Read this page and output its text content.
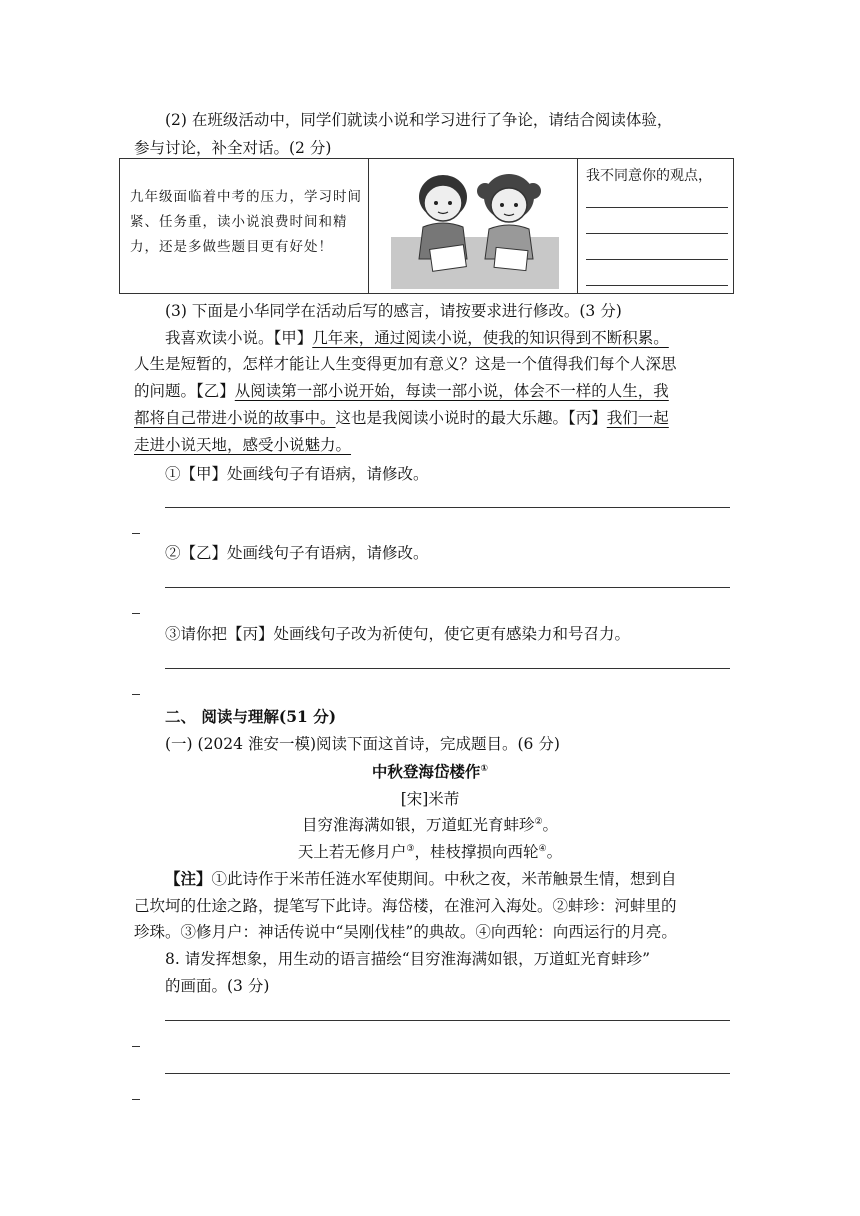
(2) 在班级活动中，同学们就读小说和学习进行了争论，请结合阅读体验，
参与讨论，补全对话。(2 分)
九年级面临着中考的压力，学习时间紧、任务重，读小说浪费时间和精力，还是多做些题目更有好处！
我不同意你的观点，
(3) 下面是小华同学在活动后写的感言，请按要求进行修改。(3 分)
我喜欢读小说。【甲】几年来，通过阅读小说，使我的知识得到不断积累。
人生是短暂的，怎样才能让人生变得更加有意义？这是一个值得我们每个人深思
的问题。【乙】从阅读第一部小说开始，每读一部小说，体会不一样的人生，我
都将自己带进小说的故事中。这也是我阅读小说时的最大乐趣。【丙】我们一起
走进小说天地，感受小说魅力。
①【甲】处画线句子有语病，请修改。
②【乙】处画线句子有语病，请修改。
③请你把【丙】处画线句子改为祈使句，使它更有感染力和号召力。
二、 阅读与理解(51 分)
(一) (2024 淮安一模)阅读下面这首诗，完成题目。(6 分)
中秋登海岱楼作①
[宋]米芾
目穷淮海满如银，万道虹光育蚌珍②。
天上若无修月户③，桂枝撑损向西轮④。
【注】①此诗作于米芾任涟水军使期间。中秋之夜，米芾触景生情，想到自
己坎坷的仕途之路，提笔写下此诗。海岱楼，在淮河入海处。②蚌珍：河蚌里的
珍珠。③修月户：神话传说中“吴刚伐桂”的典故。④向西轮：向西运行的月亮。
8. 请发挥想象，用生动的语言描绘“目穷淮海满如银，万道虹光育蚌珍”
的画面。(3 分)
